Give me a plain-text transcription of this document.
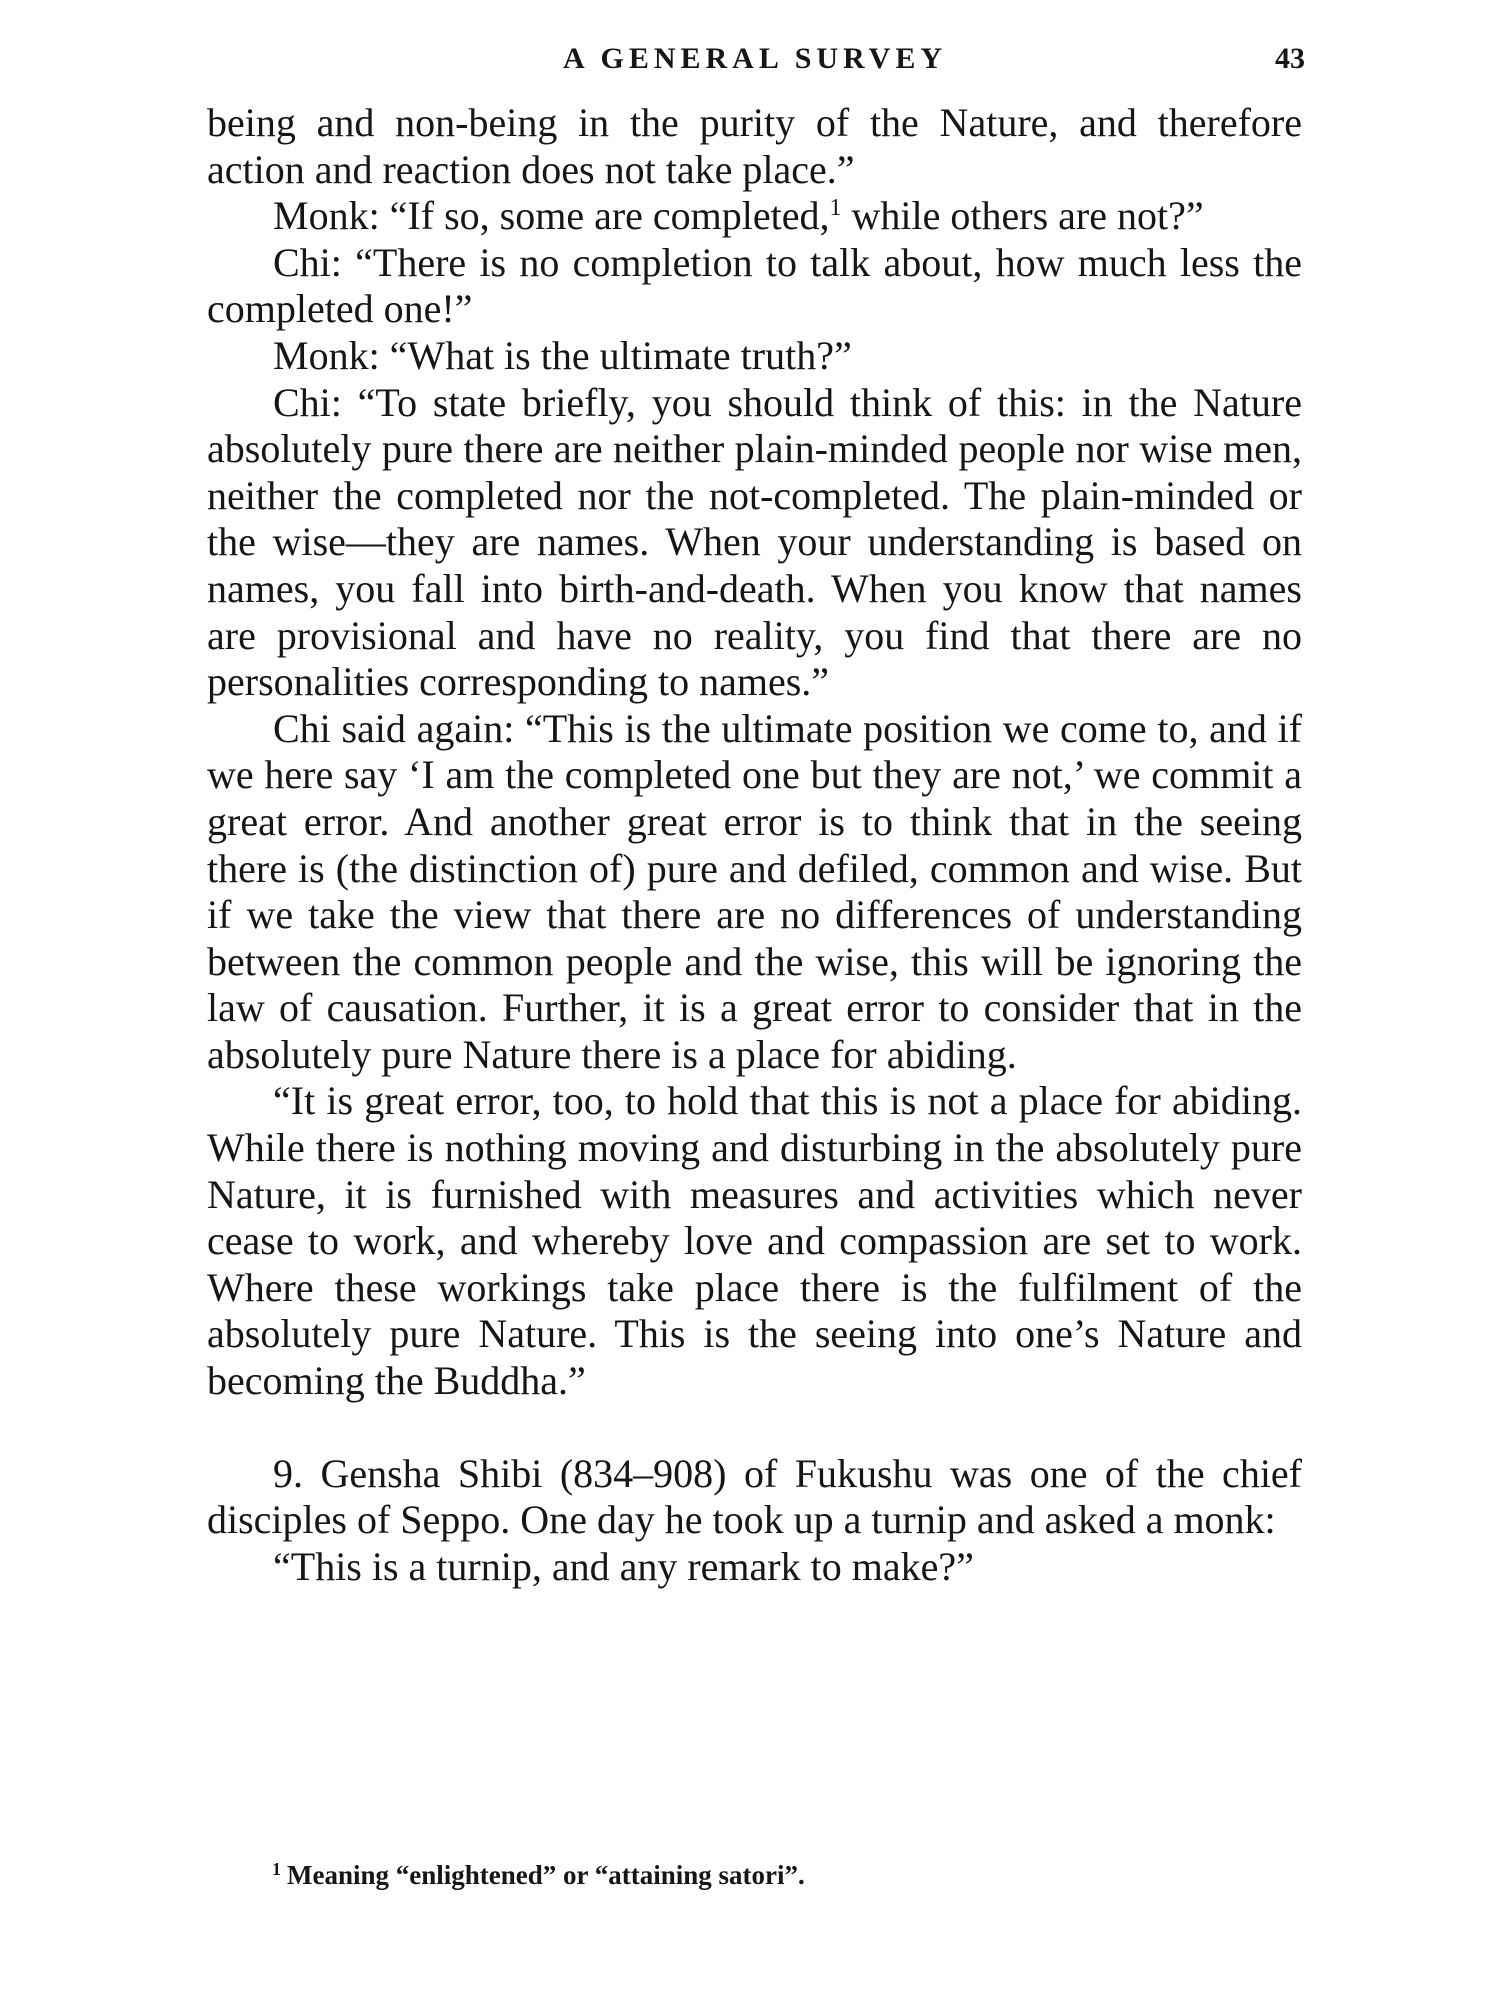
A GENERAL SURVEY	43

being and non-being in the purity of the Nature, and therefore action and reaction does not take place.”

Monk: “If so, some are completed,$^1$ while others are not?”

Chi: “There is no completion to talk about, how much less the completed one!”

Monk: “What is the ultimate truth?”

Chi: “To state briefly, you should think of this: in the Nature absolutely pure there are neither plain-minded people nor wise men, neither the completed nor the not-completed. The plain-minded or the wise—they are names. When your understanding is based on names, you fall into birth-and-death. When you know that names are provisional and have no reality, you find that there are no personalities corresponding to names.”

Chi said again: “This is the ultimate position we come to, and if we here say ‘I am the completed one but they are not,’ we commit a great error. And another great error is to think that in the seeing there is (the distinction of) pure and defiled, common and wise. But if we take the view that there are no differences of understanding between the common people and the wise, this will be ignoring the law of causation. Further, it is a great error to consider that in the absolutely pure Nature there is a place for abiding.

“It is great error, too, to hold that this is not a place for abiding. While there is nothing moving and disturbing in the absolutely pure Nature, it is furnished with measures and activities which never cease to work, and whereby love and compassion are set to work. Where these workings take place there is the fulfilment of the absolutely pure Nature. This is the seeing into one’s Nature and becoming the Buddha.”

9. Gensha Shibi (834–908) of Fukushu was one of the chief disciples of Seppo. One day he took up a turnip and asked a monk:

“This is a turnip, and any remark to make?”

$^1$ Meaning “enlightened” or “attaining satori”.
